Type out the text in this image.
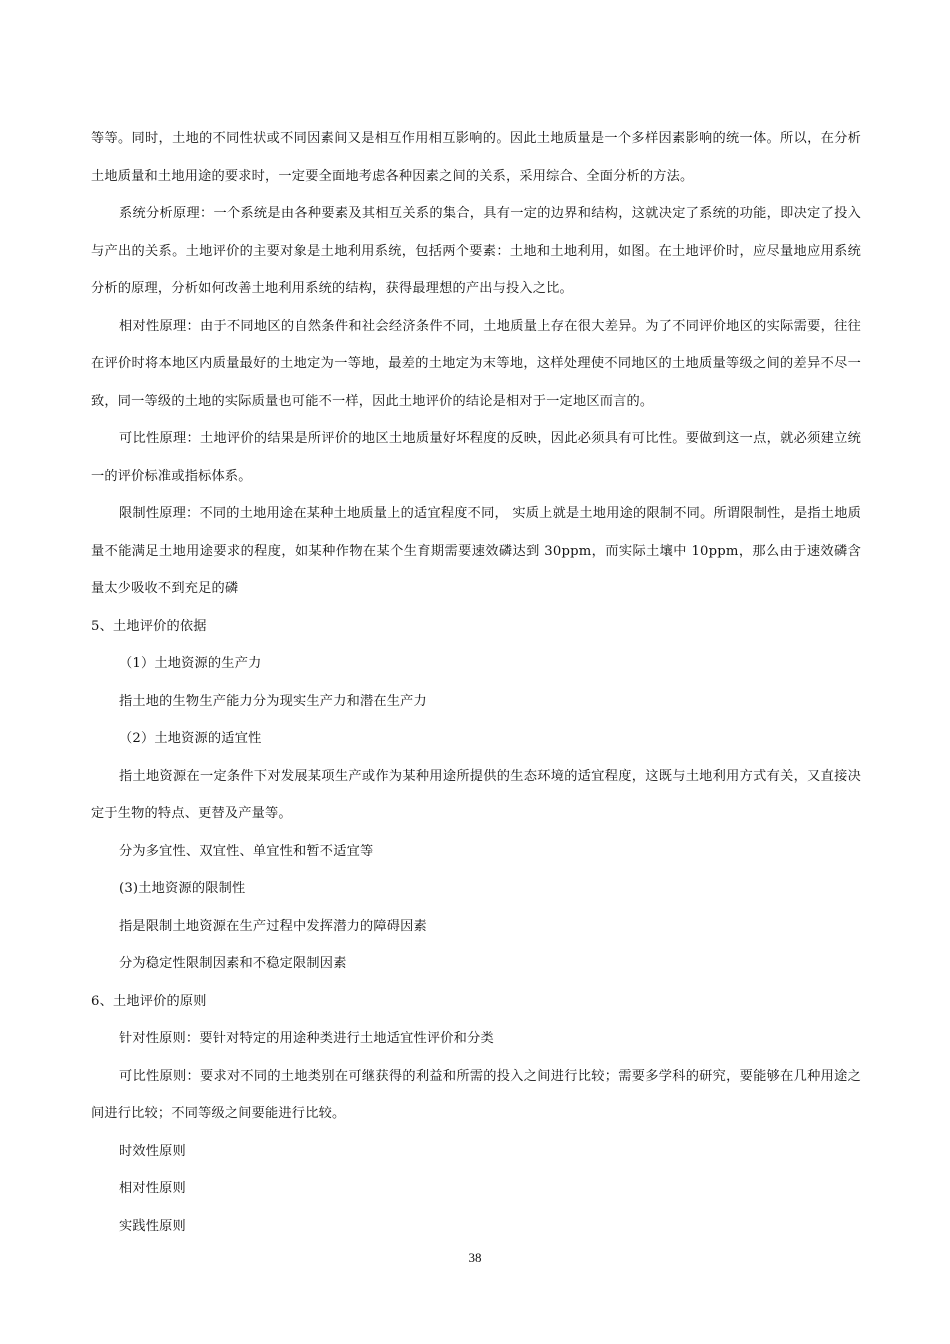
等等。同时，土地的不同性状或不同因素间又是相互作用相互影响的。因此土地质量是一个多样因素影响的统一体。所以，在分析土地质量和土地用途的要求时，一定要全面地考虑各种因素之间的关系，采用综合、全面分析的方法。

系统分析原理：一个系统是由各种要素及其相互关系的集合，具有一定的边界和结构，这就决定了系统的功能，即决定了投入与产出的关系。土地评价的主要对象是土地利用系统，包括两个要素：土地和土地利用，如图。在土地评价时，应尽量地应用系统分析的原理，分析如何改善土地利用系统的结构，获得最理想的产出与投入之比。

相对性原理：由于不同地区的自然条件和社会经济条件不同，土地质量上存在很大差异。为了不同评价地区的实际需要，往往在评价时将本地区内质量最好的土地定为一等地，最差的土地定为末等地，这样处理使不同地区的土地质量等级之间的差异不尽一致，同一等级的土地的实际质量也可能不一样，因此土地评价的结论是相对于一定地区而言的。

可比性原理：土地评价的结果是所评价的地区土地质量好坏程度的反映，因此必须具有可比性。要做到这一点，就必须建立统一的评价标准或指标体系。

限制性原理：不同的土地用途在某种土地质量上的适宜程度不同， 实质上就是土地用途的限制不同。所谓限制性，是指土地质量不能满足土地用途要求的程度，如某种作物在某个生育期需要速效磷达到 30ppm，而实际土壤中 10ppm，那么由于速效磷含量太少吸收不到充足的磷

5、土地评价的依据

（1）土地资源的生产力

指土地的生物生产能力分为现实生产力和潜在生产力

（2）土地资源的适宜性

指土地资源在一定条件下对发展某项生产或作为某种用途所提供的生态环境的适宜程度，这既与土地利用方式有关，又直接决定于生物的特点、更替及产量等。

分为多宜性、双宜性、单宜性和暂不适宜等

(3)土地资源的限制性

指是限制土地资源在生产过程中发挥潜力的障碍因素

分为稳定性限制因素和不稳定限制因素

6、土地评价的原则

针对性原则：要针对特定的用途种类进行土地适宜性评价和分类

可比性原则：要求对不同的土地类别在可继获得的利益和所需的投入之间进行比较；需要多学科的研究，要能够在几种用途之间进行比较；不同等级之间要能进行比较。

时效性原则

相对性原则

实践性原则

38
